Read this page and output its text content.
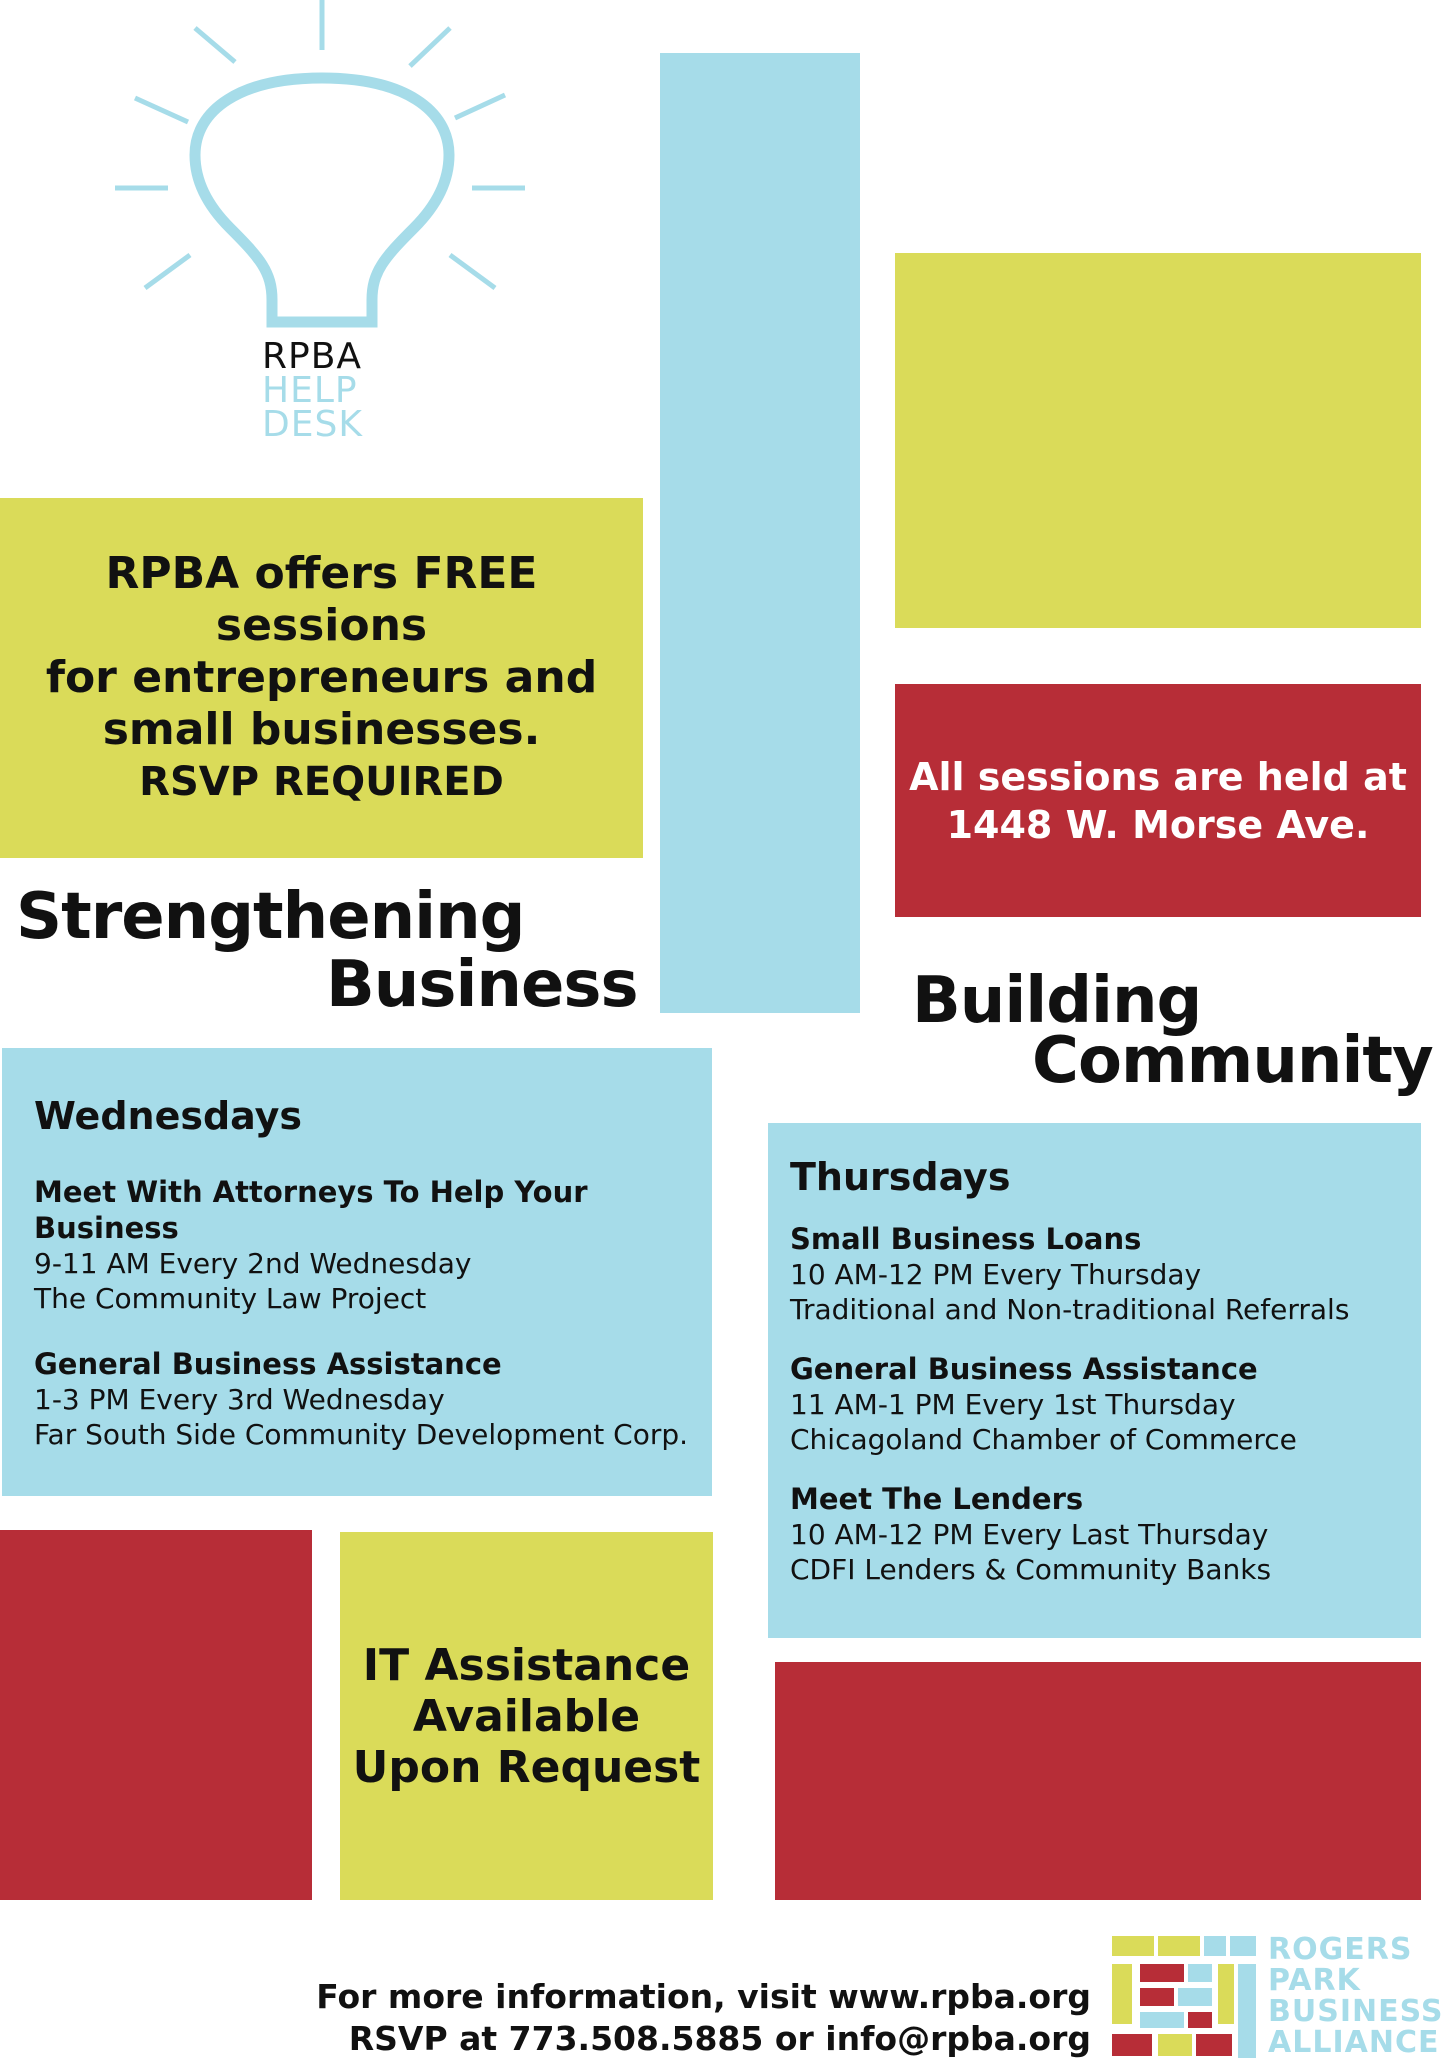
RPBA
HELP
DESK
RPBA offers FREE sessions
for entrepreneurs and
small businesses.
RSVP REQUIRED	All sessions are held at
1448 W. Morse Ave.
Strengthening
Business	Building
Community
Wednesdays
Meet With Attorneys To Help Your Business
9-11 AM Every 2nd Wednesday
The Community Law Project
General Business Assistance
1-3 PM Every 3rd Wednesday
Far South Side Community Development Corp.
Thursdays
Small Business Loans
10 AM-12 PM Every Thursday
Traditional and Non-traditional Referrals
General Business Assistance
11 AM-1 PM Every 1st Thursday
Chicagoland Chamber of Commerce
Meet The Lenders
10 AM-12 PM Every Last Thursday
CDFI Lenders & Community Banks
IT Assistance
Available
Upon Request
For more information, visit www.rpba.org
RSVP at 773.508.5885 or info@rpba.org
ROGERS
PARK
BUSINESS
ALLIANCE
